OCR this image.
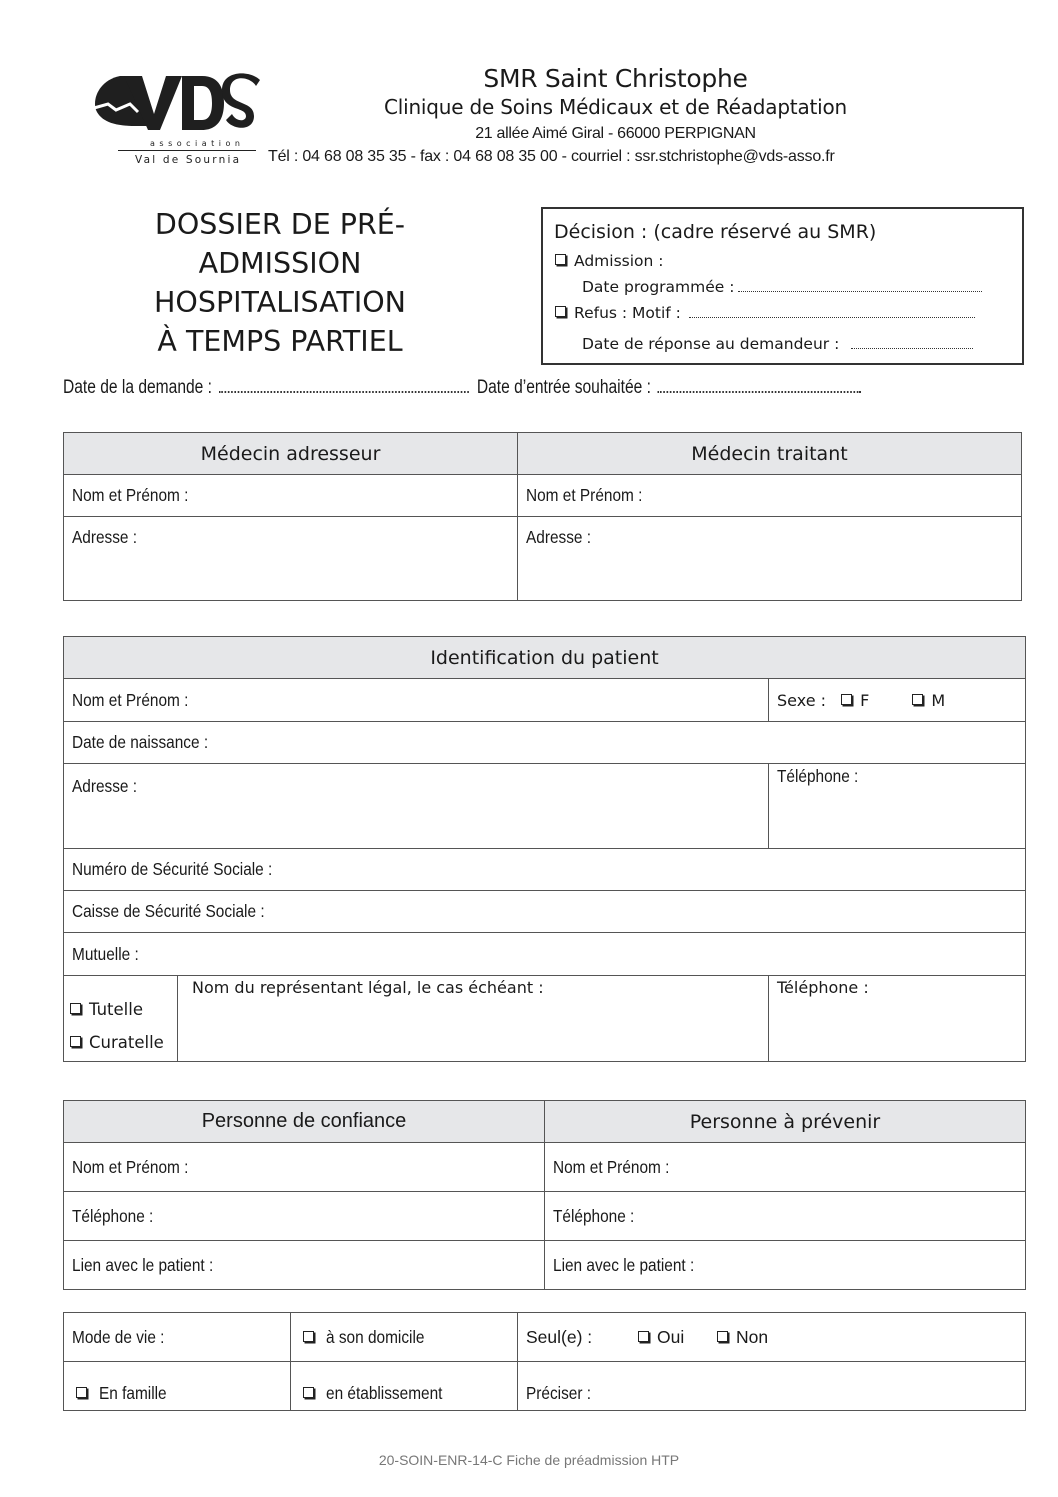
association
Val de Sournia
SMR Saint Christophe
Clinique de Soins Médicaux et de Réadaptation
21 allée Aimé Giral - 66000 PERPIGNAN
Tél : 04 68 08 35 35 - fax : 04 68 08 35 00 - courriel : ssr.stchristophe@vds-asso.fr
DOSSIER DE PRÉ-
ADMISSION
HOSPITALISATION
À TEMPS PARTIEL
Décision : (cadre réservé au SMR)
Admission :
Date programmée :
Refus : Motif :
Date de réponse au demandeur :
Date de la demande :	Date d’entrée souhaitée :
Médecin adresseur	Médecin traitant
Nom et Prénom :	Nom et Prénom :
Adresse :	Adresse :
Identification du patient		
Nom et Prénom :		Sexe : F M
Date de naissance :		
Adresse :		Téléphone :
Numéro de Sécurité Sociale :		
Caisse de Sécurité Sociale :		
Mutuelle :		

Tutelle
Curatelle	Nom du représentant légal, le cas échéant :	Téléphone :
Personne de confiance	Personne à prévenir
Nom et Prénom :	Nom et Prénom :
Téléphone :	Téléphone :
Lien avec le patient :	Lien avec le patient :
Mode de vie :	à son domicile	Seul(e) : Oui Non
En famille	en établissement	Préciser :
20-SOIN-ENR-14-C Fiche de préadmission HTP
